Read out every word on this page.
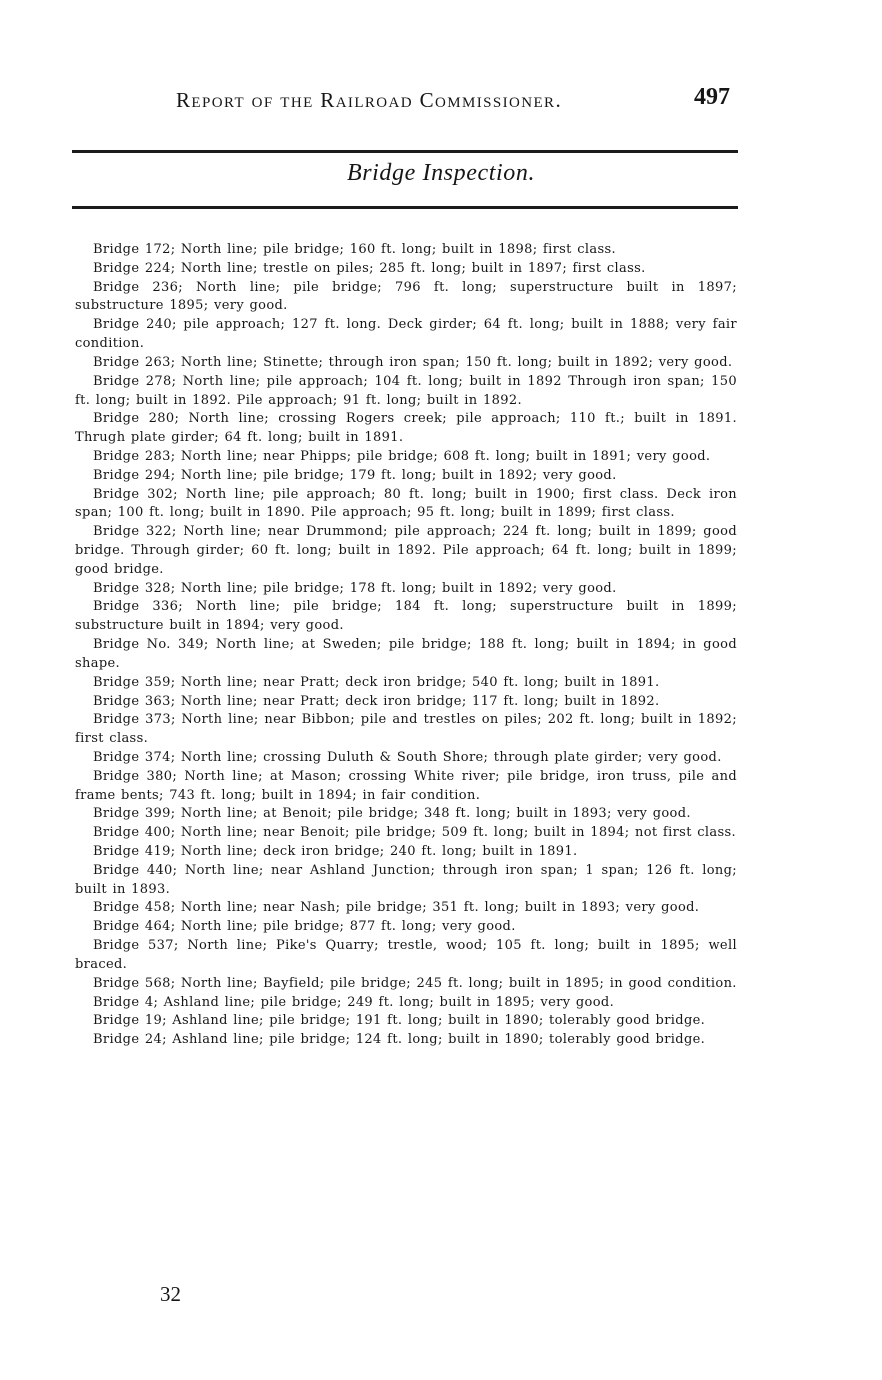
Report of the Railroad Commissioner.	497
Bridge Inspection.

Bridge 172; North line; pile bridge; 160 ft. long; built in 1898; first class.

Bridge 224; North line; trestle on piles; 285 ft. long; built in 1897; first class.

Bridge 236; North line; pile bridge; 796 ft. long; superstructure built in 1897; substructure 1895; very good.

Bridge 240; pile approach; 127 ft. long. Deck girder; 64 ft. long; built in 1888; very fair condition.

Bridge 263; North line; Stinette; through iron span; 150 ft. long; built in 1892; very good.

Bridge 278; North line; pile approach; 104 ft. long; built in 1892 Through iron span; 150 ft. long; built in 1892. Pile approach; 91 ft. long; built in 1892.

Bridge 280; North line; crossing Rogers creek; pile approach; 110 ft.; built in 1891. Thrugh plate girder; 64 ft. long; built in 1891.

Bridge 283; North line; near Phipps; pile bridge; 608 ft. long; built in 1891; very good.

Bridge 294; North line; pile bridge; 179 ft. long; built in 1892; very good.

Bridge 302; North line; pile approach; 80 ft. long; built in 1900; first class. Deck iron span; 100 ft. long; built in 1890. Pile approach; 95 ft. long; built in 1899; first class.

Bridge 322; North line; near Drummond; pile approach; 224 ft. long; built in 1899; good bridge. Through girder; 60 ft. long; built in 1892. Pile approach; 64 ft. long; built in 1899; good bridge.

Bridge 328; North line; pile bridge; 178 ft. long; built in 1892; very good.

Bridge 336; North line; pile bridge; 184 ft. long; superstructure built in 1899; substructure built in 1894; very good.

Bridge No. 349; North line; at Sweden; pile bridge; 188 ft. long; built in 1894; in good shape.

Bridge 359; North line; near Pratt; deck iron bridge; 540 ft. long; built in 1891.

Bridge 363; North line; near Pratt; deck iron bridge; 117 ft. long; built in 1892.

Bridge 373; North line; near Bibbon; pile and trestles on piles; 202 ft. long; built in 1892; first class.

Bridge 374; North line; crossing Duluth & South Shore; through plate girder; very good.

Bridge 380; North line; at Mason; crossing White river; pile bridge, iron truss, pile and frame bents; 743 ft. long; built in 1894; in fair condition.

Bridge 399; North line; at Benoit; pile bridge; 348 ft. long; built in 1893; very good.

Bridge 400; North line; near Benoit; pile bridge; 509 ft. long; built in 1894; not first class.

Bridge 419; North line; deck iron bridge; 240 ft. long; built in 1891.

Bridge 440; North line; near Ashland Junction; through iron span; 1 span; 126 ft. long; built in 1893.

Bridge 458; North line; near Nash; pile bridge; 351 ft. long; built in 1893; very good.

Bridge 464; North line; pile bridge; 877 ft. long; very good.

Bridge 537; North line; Pike's Quarry; trestle, wood; 105 ft. long; built in 1895; well braced.

Bridge 568; North line; Bayfield; pile bridge; 245 ft. long; built in 1895; in good condition.

Bridge 4; Ashland line; pile bridge; 249 ft. long; built in 1895; very good.

Bridge 19; Ashland line; pile bridge; 191 ft. long; built in 1890; tolerably good bridge.

Bridge 24; Ashland line; pile bridge; 124 ft. long; built in 1890; tolerably good bridge.

32
